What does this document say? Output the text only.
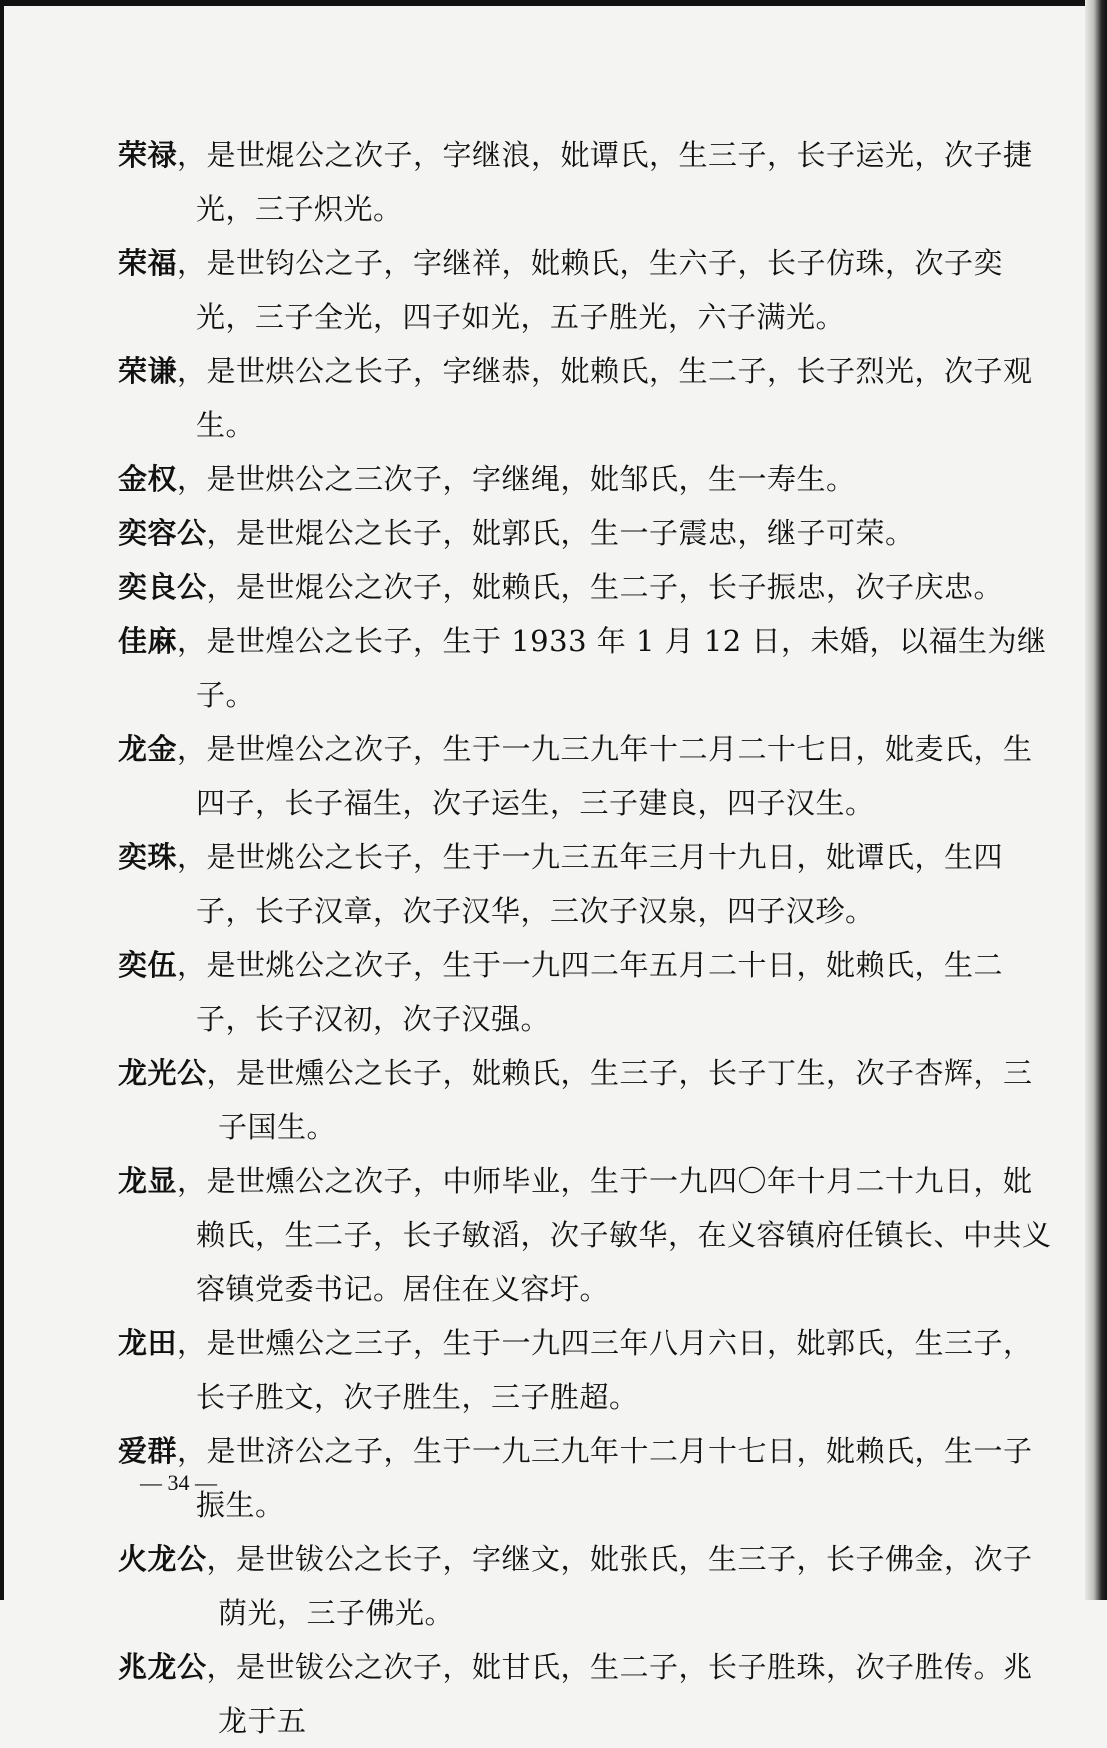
荣禄，是世焜公之次子，字继浪，妣谭氏，生三子，长子运光，次子捷光，三子炽光。

荣福，是世钧公之子，字继祥，妣赖氏，生六子，长子仿珠，次子奕光，三子全光，四子如光，五子胜光，六子满光。

荣谦，是世烘公之长子，字继恭，妣赖氏，生二子，长子烈光，次子观生。

金权，是世烘公之三次子，字继绳，妣邹氏，生一寿生。

奕容公，是世焜公之长子，妣郭氏，生一子震忠，继子可荣。

奕良公，是世焜公之次子，妣赖氏，生二子，长子振忠，次子庆忠。

佳麻，是世煌公之长子，生于 1933 年 1 月 12 日，未婚，以福生为继子。

龙金，是世煌公之次子，生于一九三九年十二月二十七日，妣麦氏，生四子，长子福生，次子运生，三子建良，四子汉生。

奕珠，是世烑公之长子，生于一九三五年三月十九日，妣谭氏，生四子，长子汉章，次子汉华，三次子汉泉，四子汉珍。

奕伍，是世烑公之次子，生于一九四二年五月二十日，妣赖氏，生二子，长子汉初，次子汉强。

龙光公，是世燻公之长子，妣赖氏，生三子，长子丁生，次子杏辉，三子国生。

龙显，是世燻公之次子，中师毕业，生于一九四〇年十月二十九日，妣赖氏，生二子，长子敏滔，次子敏华，在义容镇府任镇长、中共义容镇党委书记。居住在义容圩。

龙田，是世燻公之三子，生于一九四三年八月六日，妣郭氏，生三子，长子胜文，次子胜生，三子胜超。

爱群，是世济公之子，生于一九三九年十二月十七日，妣赖氏，生一子振生。

火龙公，是世钹公之长子，字继文，妣张氏，生三子，长子佛金，次子荫光，三子佛光。

兆龙公，是世钹公之次子，妣甘氏，生二子，长子胜珠，次子胜传。兆龙于五

— 34 —
